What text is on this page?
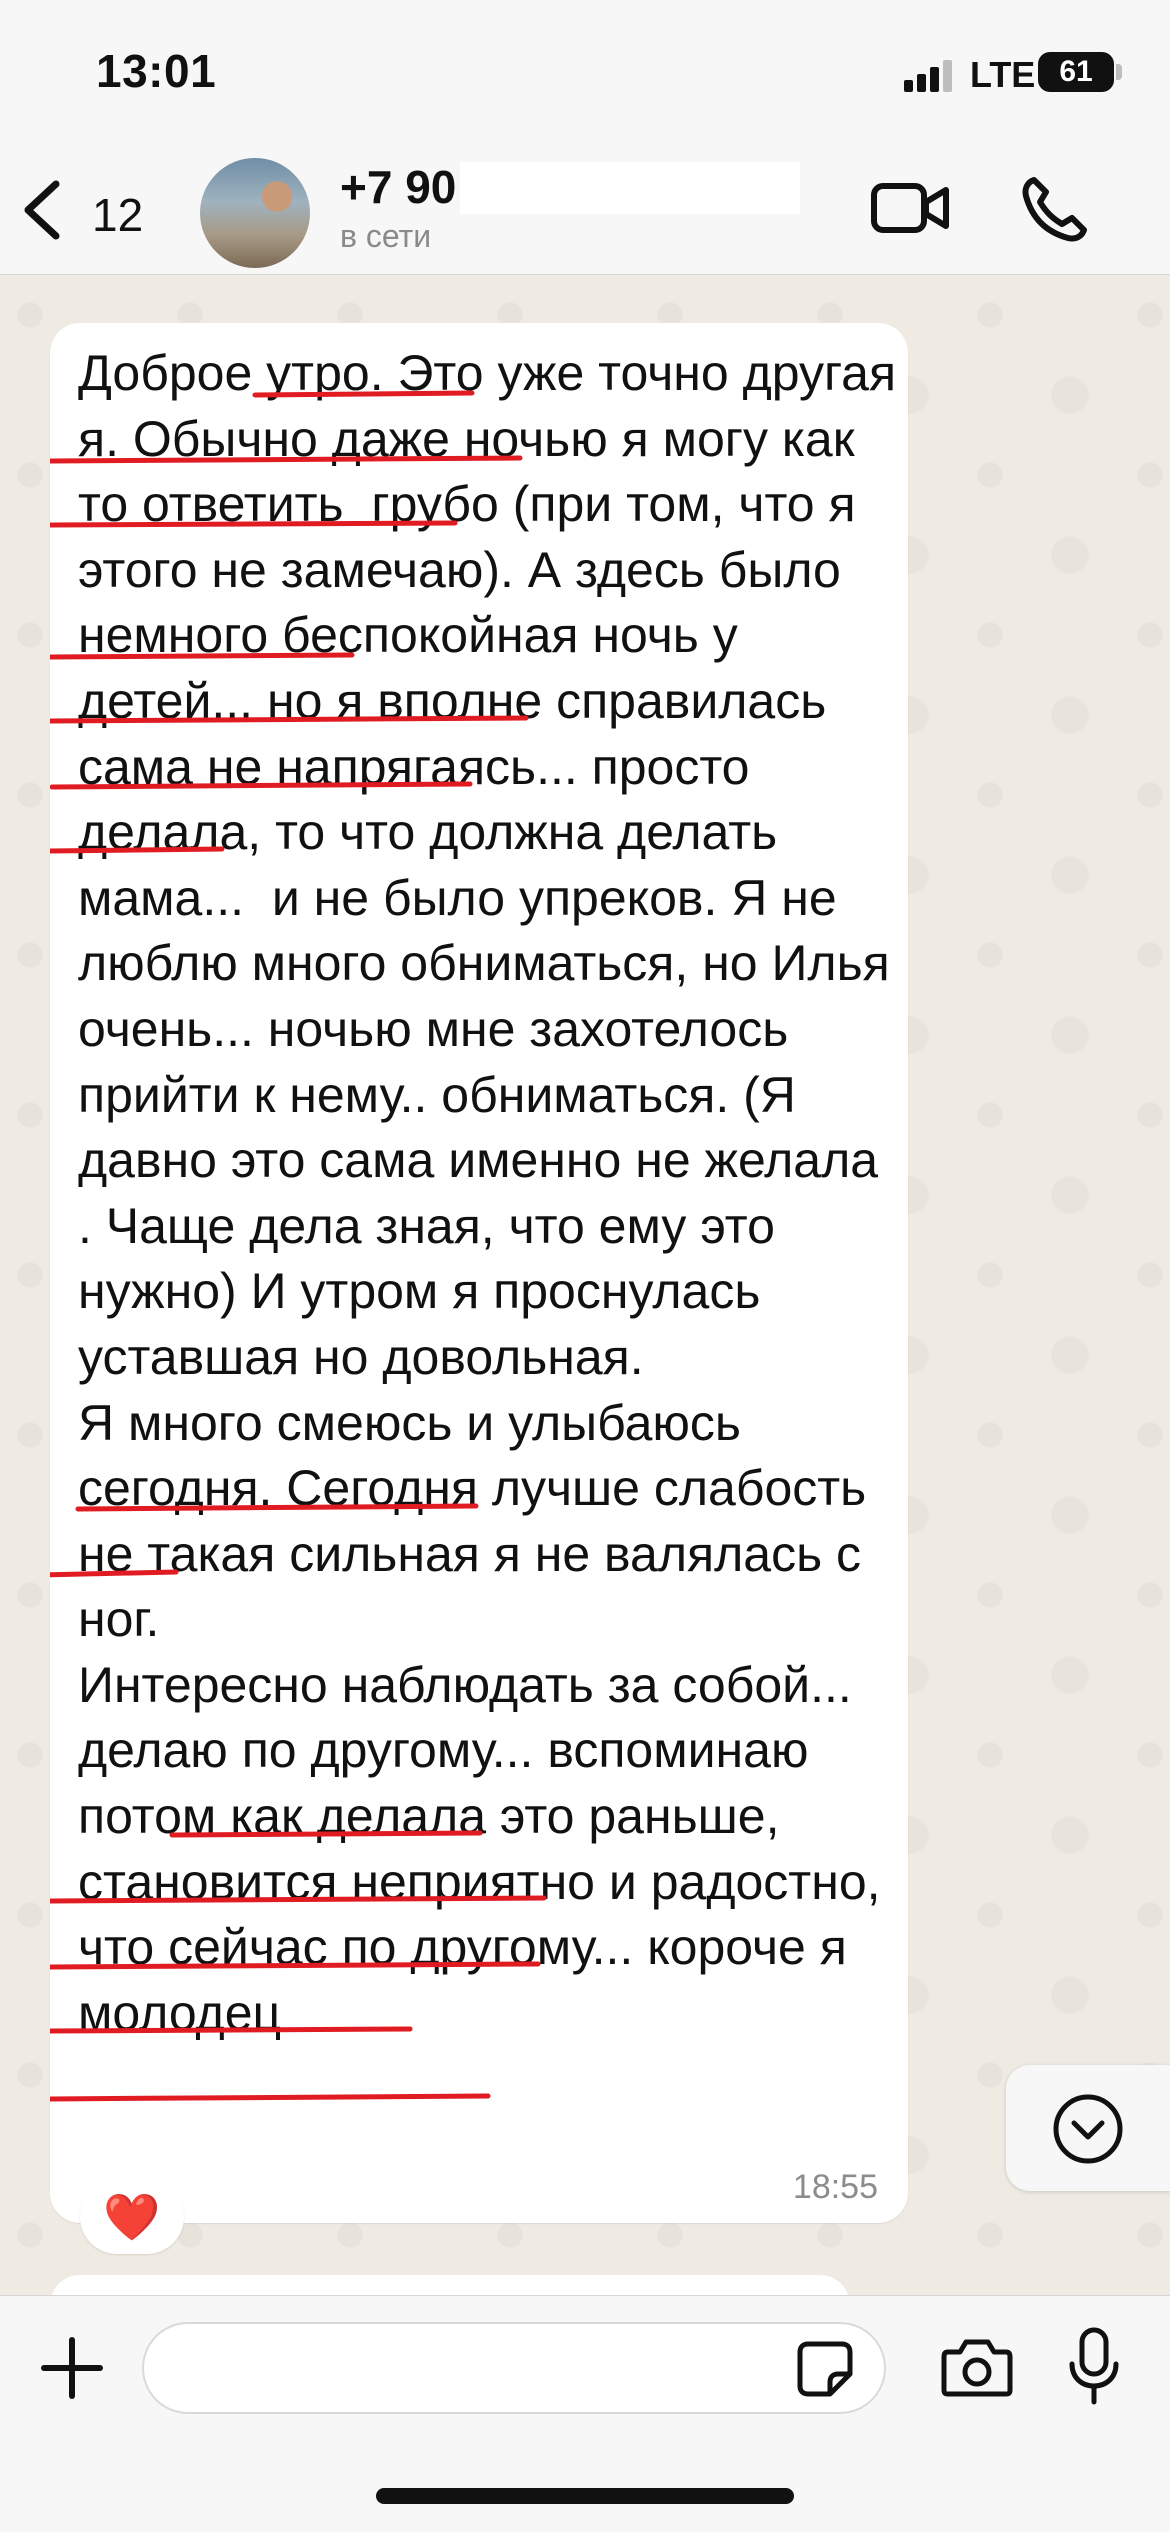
13:01	LTE 61
12
+7 90
в сети
Доброе утро. Это уже точно другая я. Обычно даже ночью я могу как то ответить  грубо (при том, что я этого не замечаю). А здесь было немного беспокойная ночь у детей... но я вполне справилась сама не напрягаясь... просто делала, то что должна делать мама...  и не было упреков. Я не люблю много обниматься, но Илья очень... ночью мне захотелось прийти к нему.. обниматься. (Я давно это сама именно не желала . Чаще дела зная, что ему это нужно) И утром я проснулась уставшая но довольная.
Я много смеюсь и улыбаюсь сегодня. Сегодня лучше слабость не такая сильная я не валялась с ног.
Интересно наблюдать за собой... делаю по другому... вспоминаю потом как делала это раньше, становится неприятно и радостно, что сейчас по другому... короче я молодец
18:55
❤️
